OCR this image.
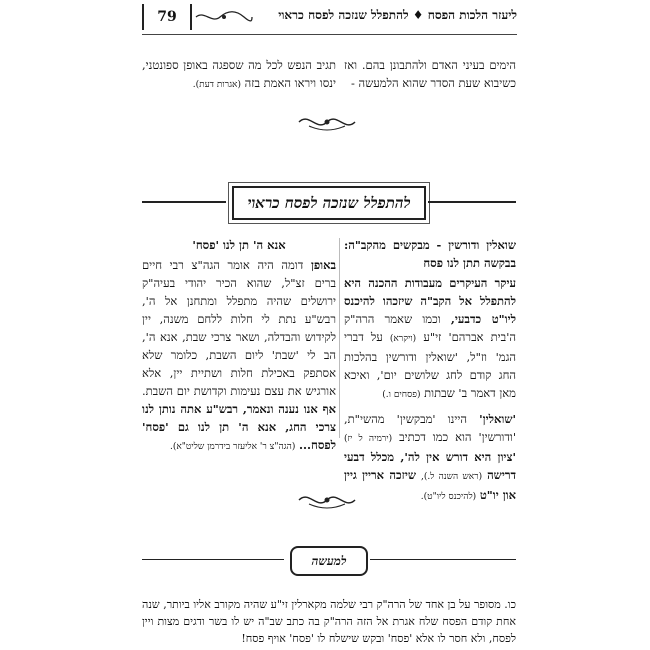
ליעזר הלכות הפסח ♦ להתפלל שנזכה לפסח כראוי
79
הימים בעיני האדם ולהתבונן בהם. ואז כשיבוא שעת הסדר שהוא הלמעשה -
תגיב הנפש לכל מה שספגה באופן ספונטני, ינסו ויראו האמת בזה (אגרות דעת).
להתפלל שנזכה לפסח כראוי
שואלין ודורשין - מבקשים מהקב"ה: בבקשה תתן לנו פסח
עיקר העיקרים מעבודות ההכנה היא להתפלל אל הקב"ה שיזכהו להיכנס ליו"ט כדבעי, וכמו שאמר הרה"ק ה'בית אברהם' זי"ע (ויקרא) על דברי הגמ' וז"ל, 'שואלין ודורשין בהלכות החג קודם לחג שלושים יום', ואיכא מאן דאמר ב' שבתות (פסחים ו.)
'שואלין' היינו 'מבקשין' מהשי"ת, 'ודורשין' הוא כמו דכתיב (ירמיה ל יז) 'ציון היא דורש אין לה', מכלל דבעי דרישה (ראש השנה ל.), שיזכה אריין גיין און יו"ט (להיכנס ליו"ט).
אנא ה' תן לנו 'פסח'
באופן דומה היה אומר הגה"צ רבי חיים ברים זצ"ל, שהוא הכיר יהודי בעיה"ק ירושלים שהיה מתפלל ומתחנן אל ה', רבש"ע נתת לי חלות ללחם משנה, יין לקידוש והבדלה, ושאר צרכי שבת, אנא ה', הב לי 'שבת' ליום השבת, כלומר שלא אסתפק באכילת חלות ושתיית יין, אלא אורגיש את עצם נעימות וקדושת יום השבת. אף אנו נענה ונאמר, רבש"ע אתה נותן לנו צרכי החג, אנא ה' תן לנו גם 'פסח' לפסח... (הגה"צ ר' אליעזר בידרמן שליט"א).
למעשה
כו. מסופר על בן אחד של הרה"ק רבי שלמה מקארלין זי"ע שהיה מקורב אליו ביותר, שנה אחת קודם הפסח שלח אגרת אל הזה הרה"ק בה כתב שב"ה יש לו בשר ודגים מצות ויין לפסח, ולא חסר לו אלא 'פסח' ובקש שישלח לו 'פסח' אויף פסח!
